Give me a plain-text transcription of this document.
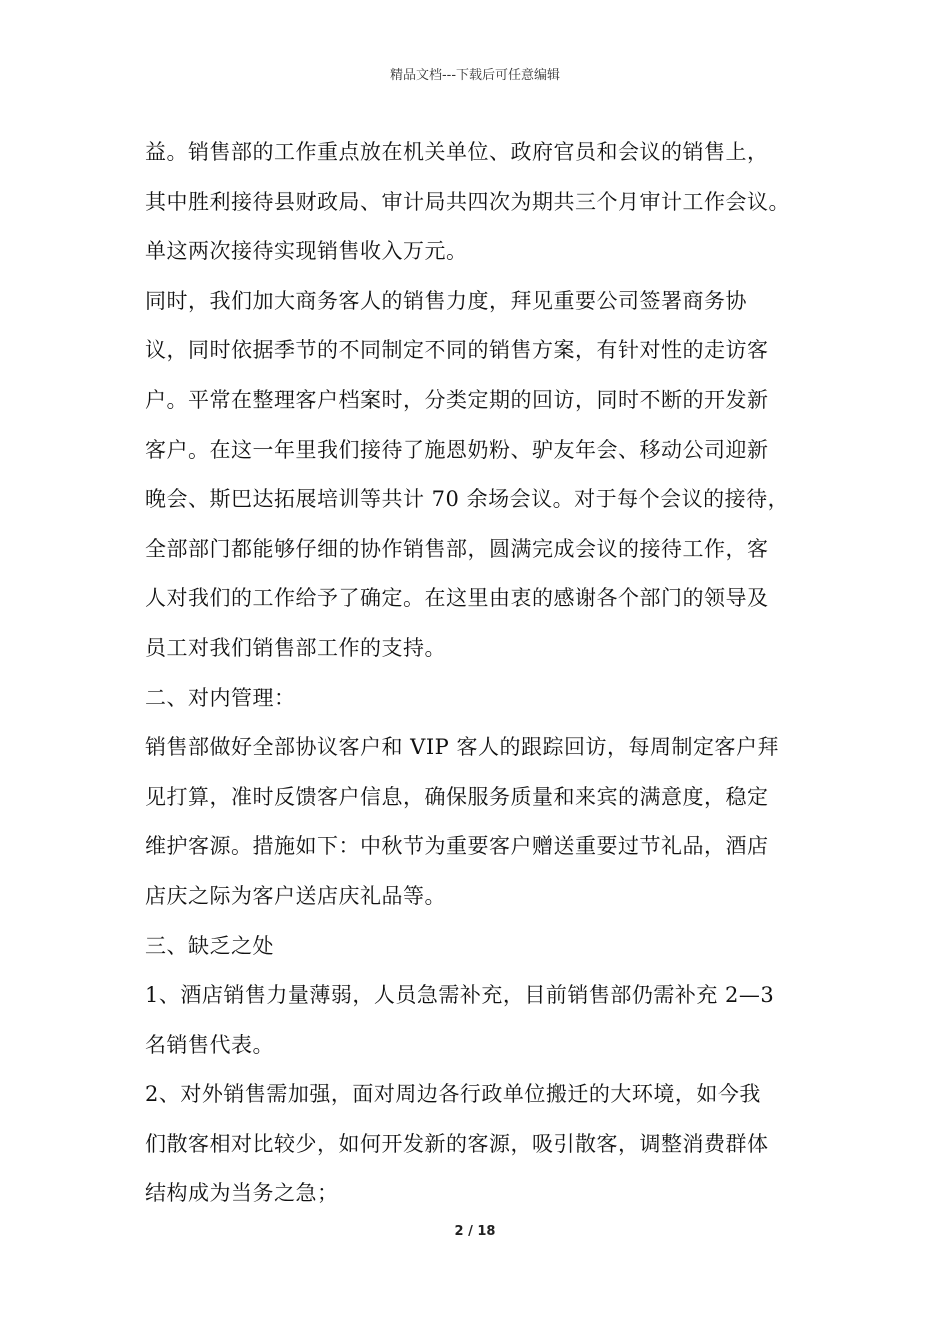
精品文档---下载后可任意编辑
益。销售部的工作重点放在机关单位、政府官员和会议的销售上，
其中胜利接待县财政局、审计局共四次为期共三个月审计工作会议。
单这两次接待实现销售收入万元。
同时，我们加大商务客人的销售力度，拜见重要公司签署商务协
议，同时依据季节的不同制定不同的销售方案，有针对性的走访客
户。平常在整理客户档案时，分类定期的回访，同时不断的开发新
客户。在这一年里我们接待了施恩奶粉、驴友年会、移动公司迎新
晚会、斯巴达拓展培训等共计 70 余场会议。对于每个会议的接待，
全部部门都能够仔细的协作销售部，圆满完成会议的接待工作，客
人对我们的工作给予了确定。在这里由衷的感谢各个部门的领导及
员工对我们销售部工作的支持。
二、对内管理：
销售部做好全部协议客户和 VIP 客人的跟踪回访，每周制定客户拜
见打算，准时反馈客户信息，确保服务质量和来宾的满意度，稳定
维护客源。措施如下：中秋节为重要客户赠送重要过节礼品，酒店
店庆之际为客户送店庆礼品等。
三、缺乏之处
1、酒店销售力量薄弱，人员急需补充，目前销售部仍需补充 2—3
名销售代表。
2、对外销售需加强，面对周边各行政单位搬迁的大环境，如今我
们散客相对比较少，如何开发新的客源，吸引散客，调整消费群体
结构成为当务之急；
2 / 18
